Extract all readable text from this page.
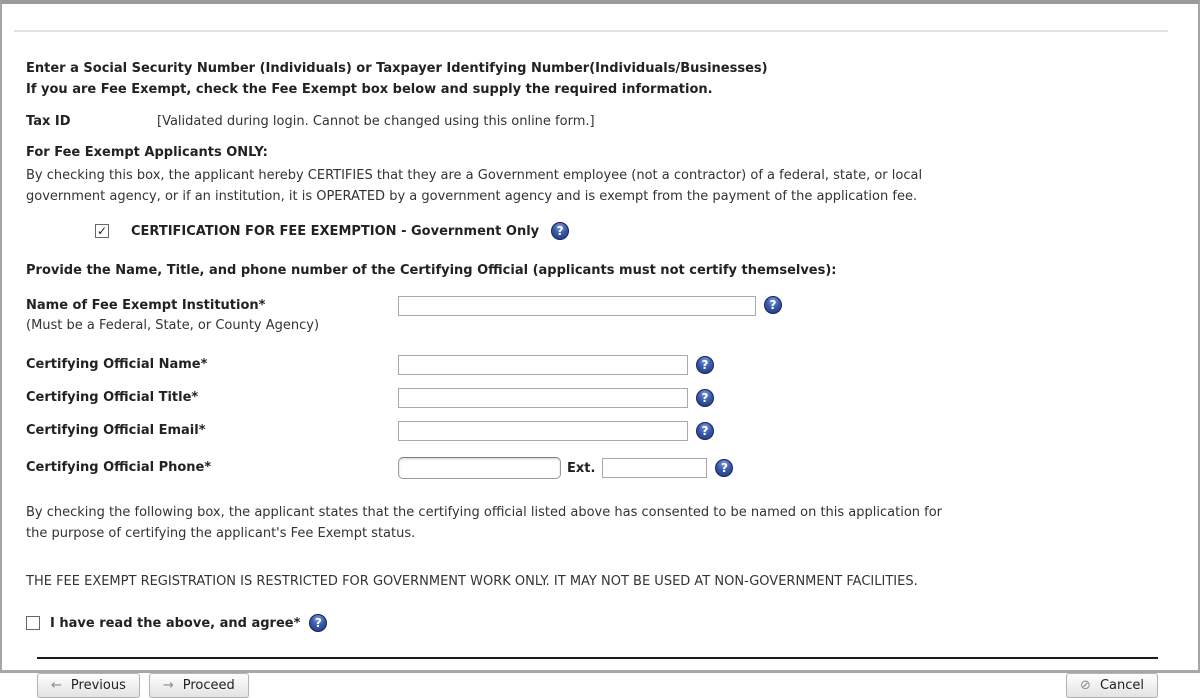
Enter a Social Security Number (Individuals) or Taxpayer Identifying Number(Individuals/Businesses)
If you are Fee Exempt, check the Fee Exempt box below and supply the required information.
Tax ID	[Validated during login. Cannot be changed using this online form.]
For Fee Exempt Applicants ONLY:
By checking this box, the applicant hereby CERTIFIES that they are a Government employee (not a contractor) of a federal, state, or local government agency, or if an institution, it is OPERATED by a government agency and is exempt from the payment of the application fee.
✓ CERTIFICATION FOR FEE EXEMPTION - Government Only	?
Provide the Name, Title, and phone number of the Certifying Official (applicants must not certify themselves):
Name of Fee Exempt Institution*
(Must be a Federal, State, or County Agency)
?
Certifying Official Name*	?
Certifying Official Title*	?
Certifying Official Email*	?
Certifying Official Phone*	Ext.	?
By checking the following box, the applicant states that the certifying official listed above has consented to be named on this application for the purpose of certifying the applicant's Fee Exempt status.
THE FEE EXEMPT REGISTRATION IS RESTRICTED FOR GOVERNMENT WORK ONLY. IT MAY NOT BE USED AT NON-GOVERNMENT FACILITIES.
I have read the above, and agree*	?
← Previous	→ Proceed	⊘ Cancel
